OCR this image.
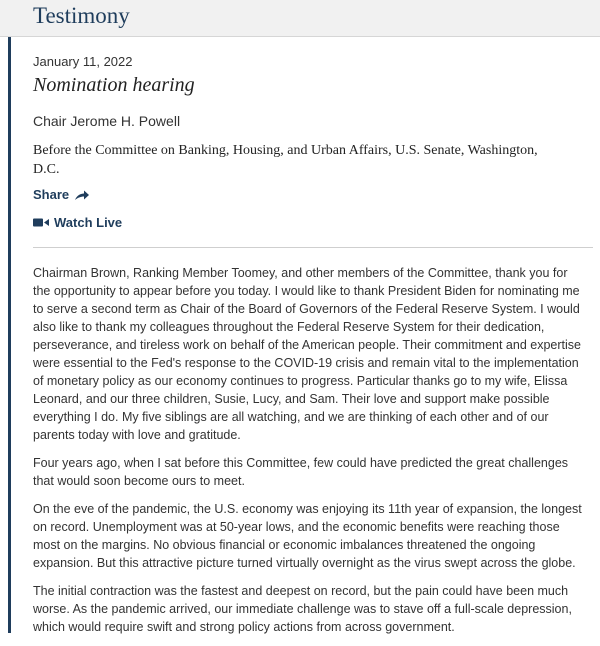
Testimony
January 11, 2022
Nomination hearing
Chair Jerome H. Powell
Before the Committee on Banking, Housing, and Urban Affairs, U.S. Senate, Washington, D.C.
Share
Watch Live

Chairman Brown, Ranking Member Toomey, and other members of the Committee, thank you for the opportunity to appear before you today. I would like to thank President Biden for nominating me to serve a second term as Chair of the Board of Governors of the Federal Reserve System. I would also like to thank my colleagues throughout the Federal Reserve System for their dedication, perseverance, and tireless work on behalf of the American people. Their commitment and expertise were essential to the Fed's response to the COVID-19 crisis and remain vital to the implementation of monetary policy as our economy continues to progress. Particular thanks go to my wife, Elissa Leonard, and our three children, Susie, Lucy, and Sam. Their love and support make possible everything I do. My five siblings are all watching, and we are thinking of each other and of our parents today with love and gratitude.

Four years ago, when I sat before this Committee, few could have predicted the great challenges that would soon become ours to meet.

On the eve of the pandemic, the U.S. economy was enjoying its 11th year of expansion, the longest on record. Unemployment was at 50-year lows, and the economic benefits were reaching those most on the margins. No obvious financial or economic imbalances threatened the ongoing expansion. But this attractive picture turned virtually overnight as the virus swept across the globe.

The initial contraction was the fastest and deepest on record, but the pain could have been much worse. As the pandemic arrived, our immediate challenge was to stave off a full-scale depression, which would require swift and strong policy actions from across government.
